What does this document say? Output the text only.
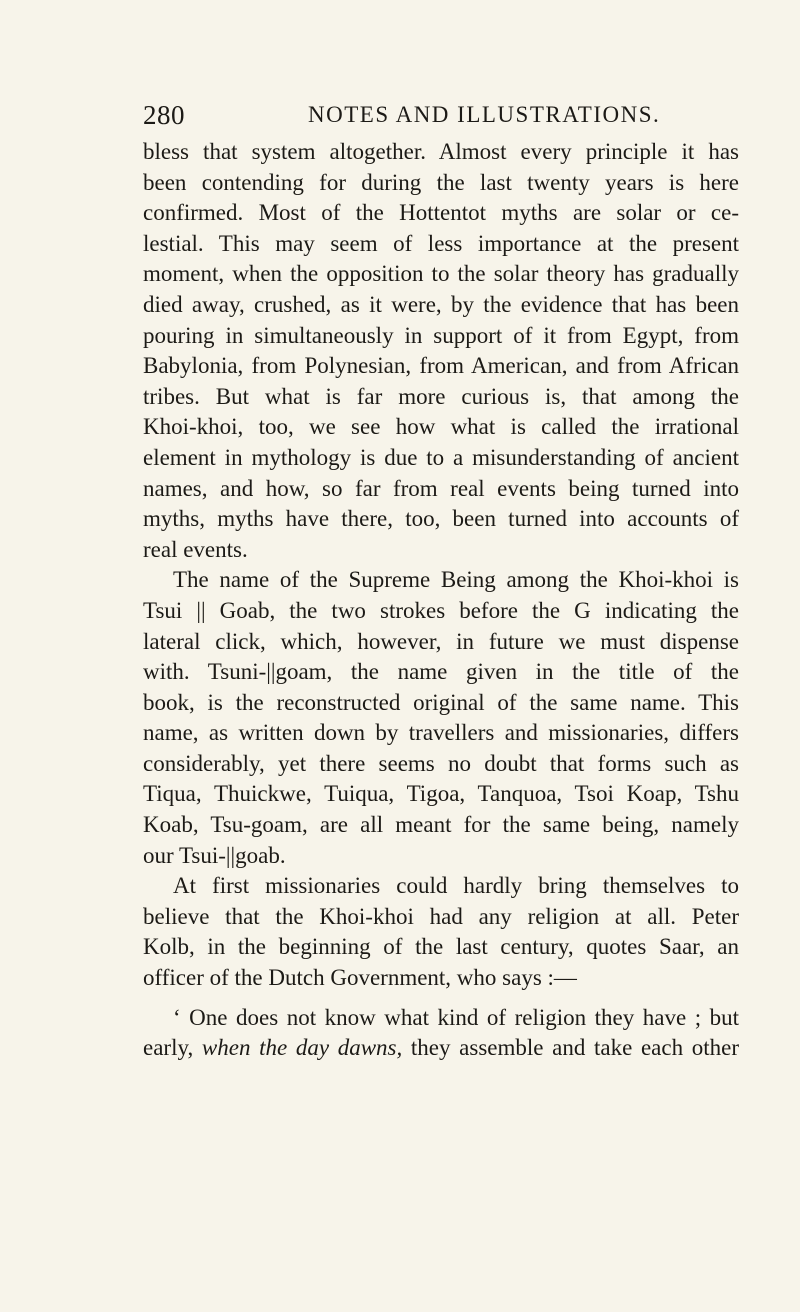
280	NOTES AND ILLUSTRATIONS.
bless that system altogether. Almost every principle it has
been contending for during the last twenty years is here
confirmed. Most of the Hottentot myths are solar or ce-
lestial. This may seem of less importance at the present
moment, when the opposition to the solar theory has gradually
died away, crushed, as it were, by the evidence that has been
pouring in simultaneously in support of it from Egypt, from
Babylonia, from Polynesian, from American, and from African
tribes. But what is far more curious is, that among the
Khoi-khoi, too, we see how what is called the irrational
element in mythology is due to a misunderstanding of ancient
names, and how, so far from real events being turned into
myths, myths have there, too, been turned into accounts of
real events.
The name of the Supreme Being among the Khoi-khoi is
Tsui || Goab, the two strokes before the G indicating the
lateral click, which, however, in future we must dispense
with. Tsuni-||goam, the name given in the title of the
book, is the reconstructed original of the same name. This
name, as written down by travellers and missionaries, differs
considerably, yet there seems no doubt that forms such as
Tiqua, Thuickwe, Tuiqua, Tigoa, Tanquoa, Tsoi Koap, Tshu
Koab, Tsu-goam, are all meant for the same being, namely
our Tsui-||goab.
At first missionaries could hardly bring themselves to
believe that the Khoi-khoi had any religion at all. Peter
Kolb, in the beginning of the last century, quotes Saar, an
officer of the Dutch Government, who says :—
‘ One does not know what kind of religion they have ; but
early, when the day dawns, they assemble and take each other
